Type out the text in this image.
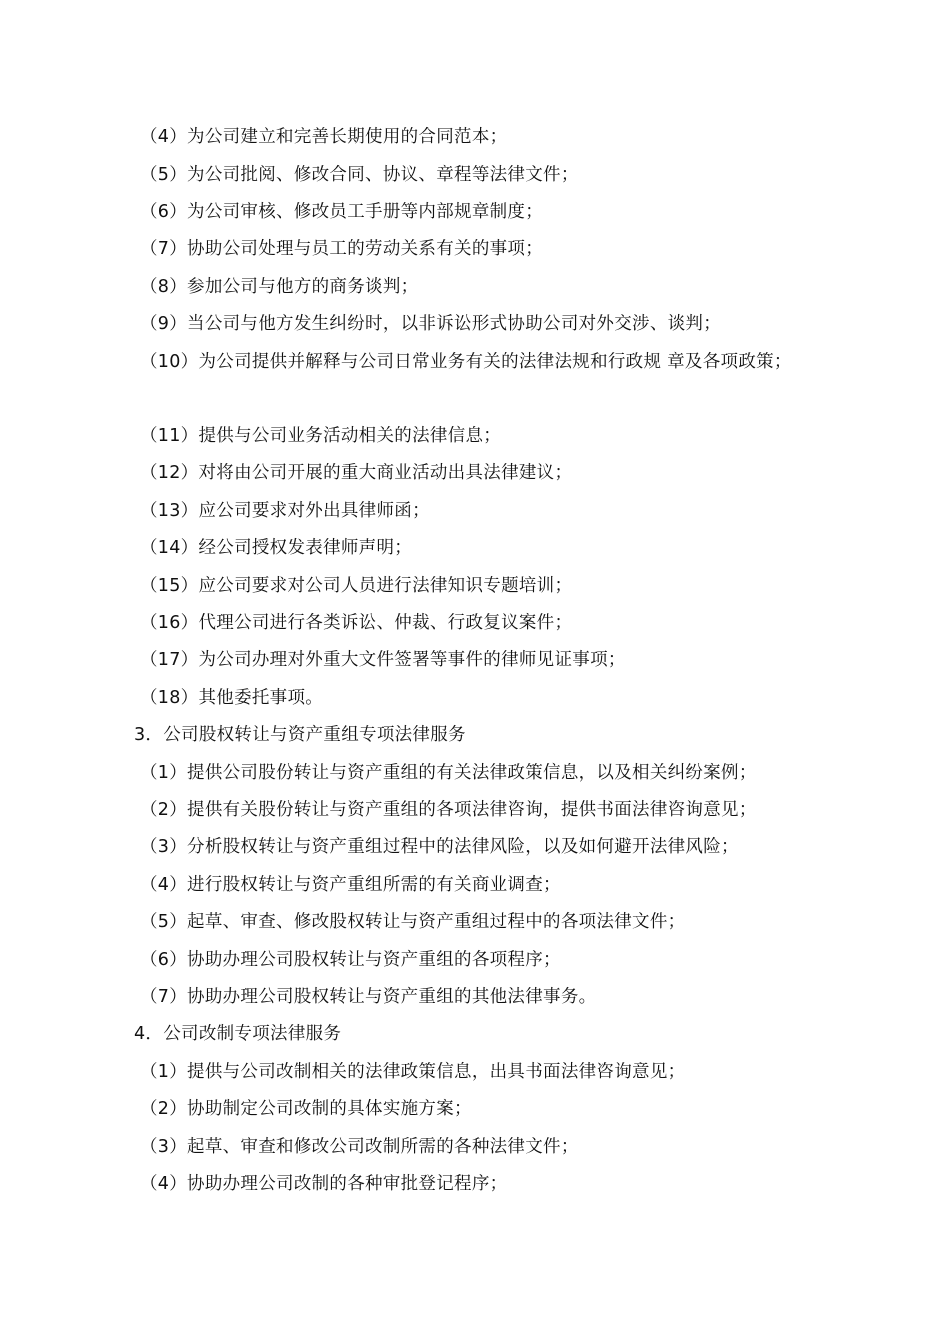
（4）为公司建立和完善长期使用的合同范本；
（5）为公司批阅、修改合同、协议、章程等法律文件；
（6）为公司审核、修改员工手册等内部规章制度；
（7）协助公司处理与员工的劳动关系有关的事项；
（8）参加公司与他方的商务谈判；
（9）当公司与他方发生纠纷时，以非诉讼形式协助公司对外交涉、谈判；
（10）为公司提供并解释与公司日常业务有关的法律法规和行政规 章及各项政策；
（11）提供与公司业务活动相关的法律信息；
（12）对将由公司开展的重大商业活动出具法律建议；
（13）应公司要求对外出具律师函；
（14）经公司授权发表律师声明；
（15）应公司要求对公司人员进行法律知识专题培训；
（16）代理公司进行各类诉讼、仲裁、行政复议案件；
（17）为公司办理对外重大文件签署等事件的律师见证事项；
（18）其他委托事项。
3．公司股权转让与资产重组专项法律服务
（1）提供公司股份转让与资产重组的有关法律政策信息，以及相关纠纷案例；
（2）提供有关股份转让与资产重组的各项法律咨询，提供书面法律咨询意见；
（3）分析股权转让与资产重组过程中的法律风险，以及如何避开法律风险；
（4）进行股权转让与资产重组所需的有关商业调查；
（5）起草、审查、修改股权转让与资产重组过程中的各项法律文件；
（6）协助办理公司股权转让与资产重组的各项程序；
（7）协助办理公司股权转让与资产重组的其他法律事务。
4．公司改制专项法律服务
（1）提供与公司改制相关的法律政策信息，出具书面法律咨询意见；
（2）协助制定公司改制的具体实施方案；
（3）起草、审查和修改公司改制所需的各种法律文件；
（4）协助办理公司改制的各种审批登记程序；
